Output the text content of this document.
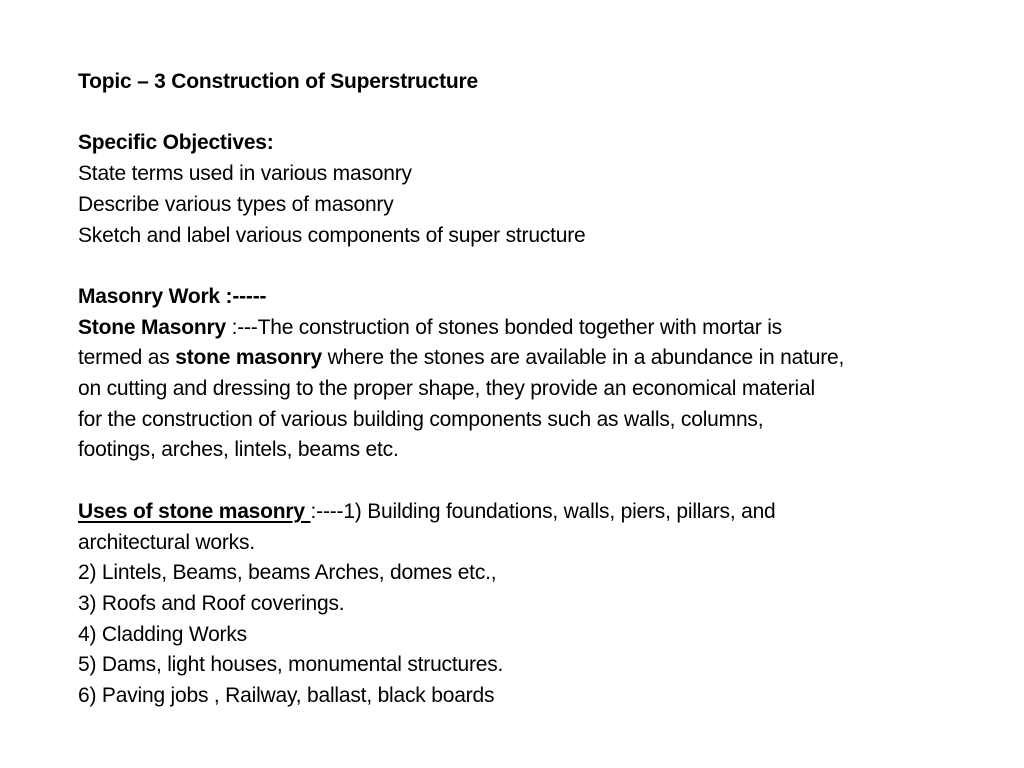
Topic – 3 Construction of Superstructure
Specific Objectives:
State terms used in various masonry
Describe various types of masonry
Sketch and label various components of super structure
Masonry Work :-----
Stone Masonry :---The construction of stones bonded together with mortar is
termed as stone masonry where the stones are available in a abundance in nature,
on cutting and dressing to the proper shape, they provide an economical material
for the construction of various building components such as walls, columns,
footings, arches, lintels, beams etc.
Uses of stone masonry :----1) Building foundations, walls, piers, pillars, and
architectural works.
2) Lintels, Beams, beams Arches, domes etc.,
3) Roofs and Roof coverings.
4) Cladding Works
5) Dams, light houses, monumental structures.
6) Paving jobs , Railway, ballast, black boards
